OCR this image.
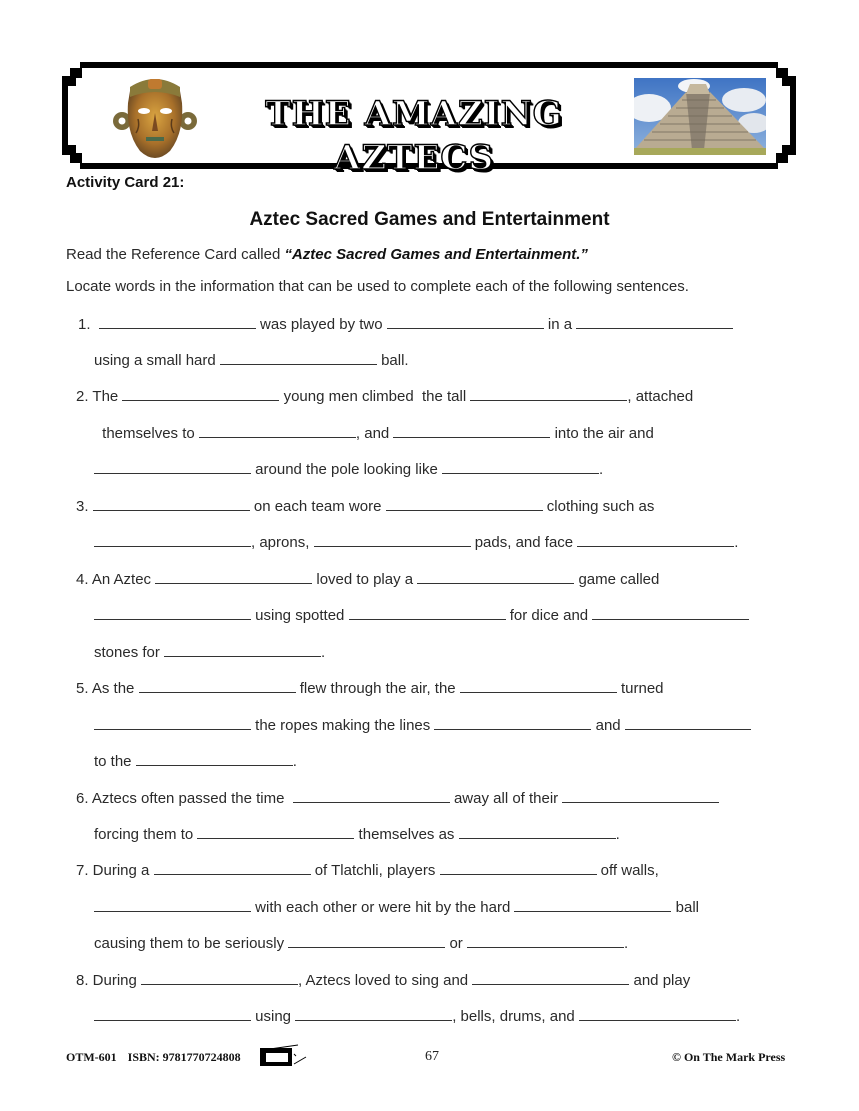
THE AMAZING AZTECS
Activity Card 21:
Aztec Sacred Games and Entertainment
Read the Reference Card called “Aztec Sacred Games and Entertainment.”
Locate words in the information that can be used to complete each of the following sentences.
1.	was played by two	in a
using a small hard	ball.
2. The	young men climbed  the tall	, attached
themselves to	, and	into the air and
around the pole looking like	.
3.	on each team wore	clothing such as
, aprons,	pads, and face	.
4. An Aztec	loved to play a	game called
using spotted	for dice and
stones for	.
5. As the	flew through the air, the	turned
the ropes making the lines	and
to the	.
6. Aztecs often passed the time	away all of their
forcing them to	themselves as	.
7. During a	of Tlatchli, players	off walls,
with each other or were hit by the hard	ball
causing them to be seriously	or	.
8. During	, Aztecs loved to sing and	and play
using	, bells, drums, and	.
OTM-601 ISBN: 9781770724808	67	© On The Mark Press
